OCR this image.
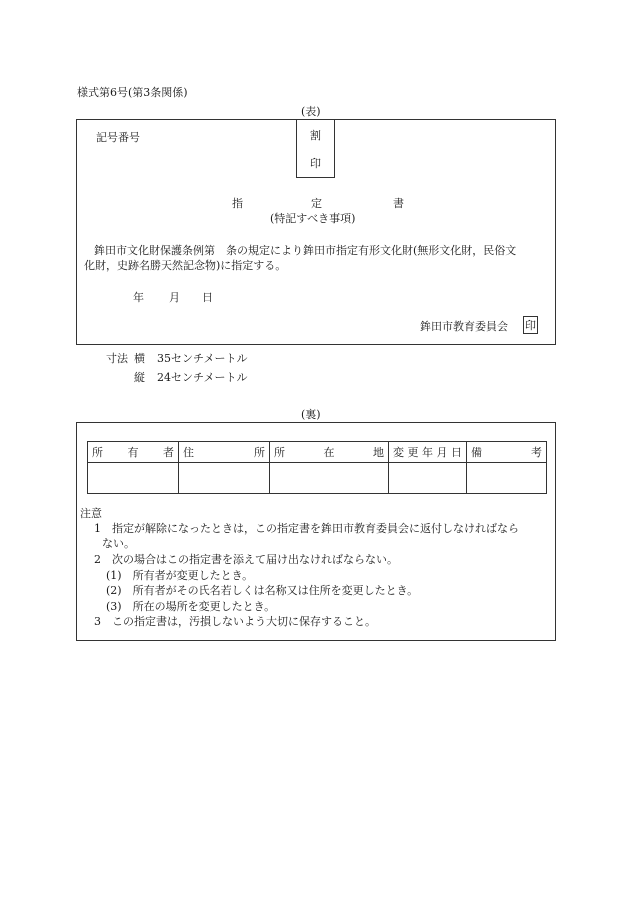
様式第6号(第3条関係)
(表)
記号番号	割
印
指	定	書
(特記すべき事項)
鉾田市文化財保護条例第　条の規定により鉾田市指定有形文化財(無形文化財，民俗文
化財，史跡名勝天然記念物)に指定する。
年 月 日
鉾田市教育委員会 印
寸法 横 35センチメートル
縦 24センチメートル
(裏)
所 有 者	住 所	所 在 地	変 更 年 月 日	備 考

注意
1　指定が解除になったときは，この指定書を鉾田市教育委員会に返付しなければなら
ない。
2　次の場合はこの指定書を添えて届け出なければならない。
(1)　所有者が変更したとき。
(2)　所有者がその氏名若しくは名称又は住所を変更したとき。
(3)　所在の場所を変更したとき。
3　この指定書は，汚損しないよう大切に保存すること。
